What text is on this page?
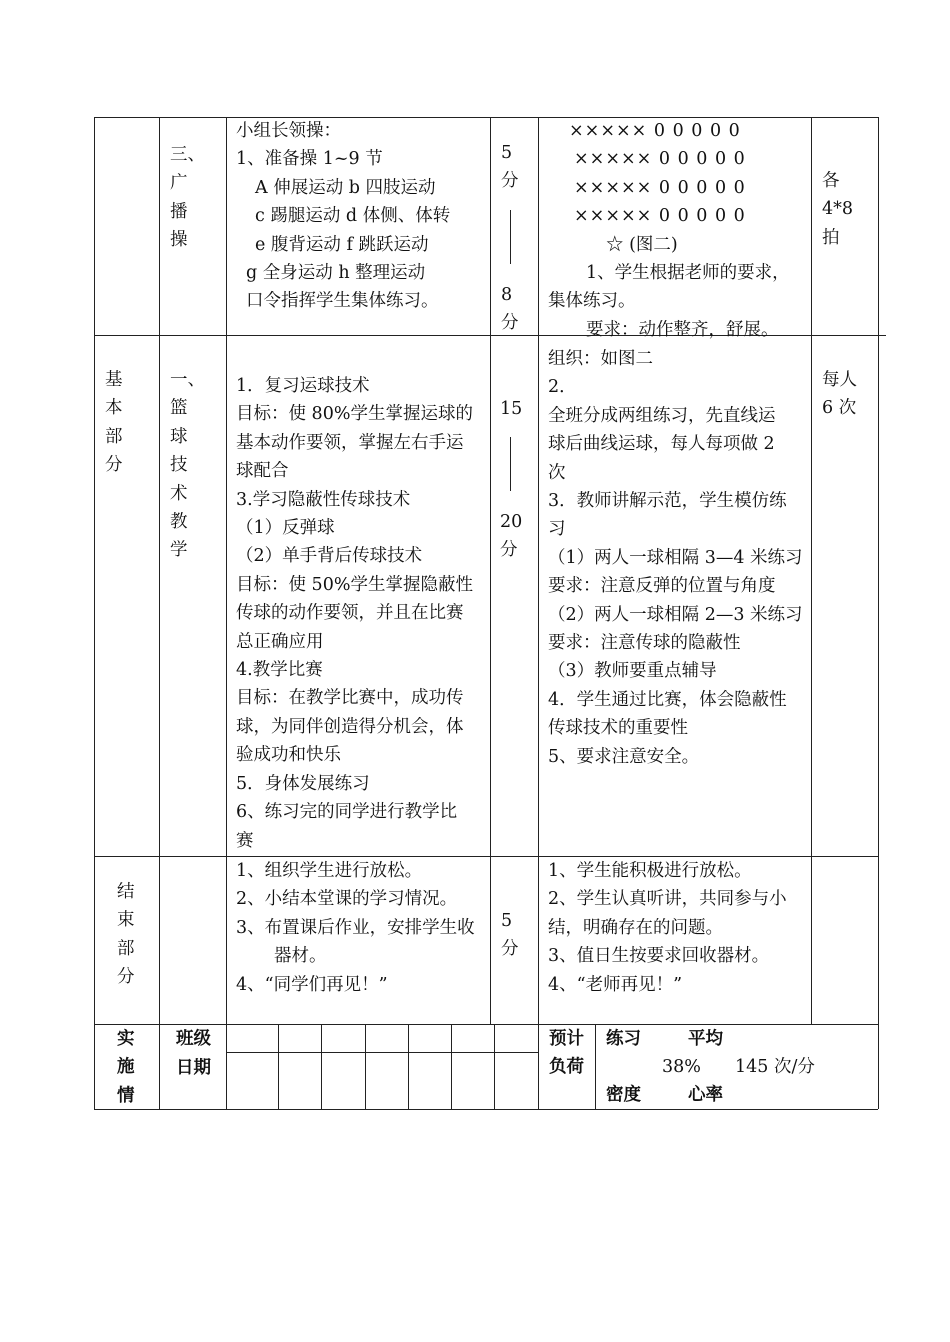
三、
广
播
操
小组长领操：
1、准备操 1~9 节
A 伸展运动 b 四肢运动
c 踢腿运动 d 体侧、体转
e 腹背运动 f 跳跃运动
g 全身运动 h 整理运动
口令指挥学生集体练习。
5
分
8
分
××××× 0 0 0 0 0
××××× 0 0 0 0 0
××××× 0 0 0 0 0
××××× 0 0 0 0 0
☆ (图二)
1、学生根据老师的要求，
集体练习。
要求：动作整齐，舒展。
各
4*8
拍
基
本
部
分
一、
篮
球
技
术
教
学
1．复习运球技术
目标：使 80%学生掌握运球的
基本动作要领，掌握左右手运
球配合
3.学习隐蔽性传球技术
（1）反弹球
（2）单手背后传球技术
目标：使 50%学生掌握隐蔽性
传球的动作要领，并且在比赛
总正确应用
4.教学比赛
目标：在教学比赛中，成功传
球，为同伴创造得分机会，体
验成功和快乐
5．身体发展练习
6、练习完的同学进行教学比
赛
15
20
分
组织：如图二
2．
全班分成两组练习，先直线运
球后曲线运球，每人每项做 2
次
3．教师讲解示范，学生模仿练
习
（1）两人一球相隔 3—4 米练习
要求：注意反弹的位置与角度
（2）两人一球相隔 2—3 米练习
要求：注意传球的隐蔽性
（3）教师要重点辅导
4．学生通过比赛，体会隐蔽性
传球技术的重要性
5、要求注意安全。
每人
6 次
结
束
部
分
1、组织学生进行放松。
2、小结本堂课的学习情况。
3、布置课后作业，安排学生收
器材。
4、“同学们再见！”
5
分
1、学生能积极进行放松。
2、学生认真听讲，共同参与小
结，明确存在的问题。
3、值日生按要求回收器材。
4、“老师再见！”
实
施
情
班级
日期
预计
负荷
练习	平均
38% 145 次/分
密度	心率
